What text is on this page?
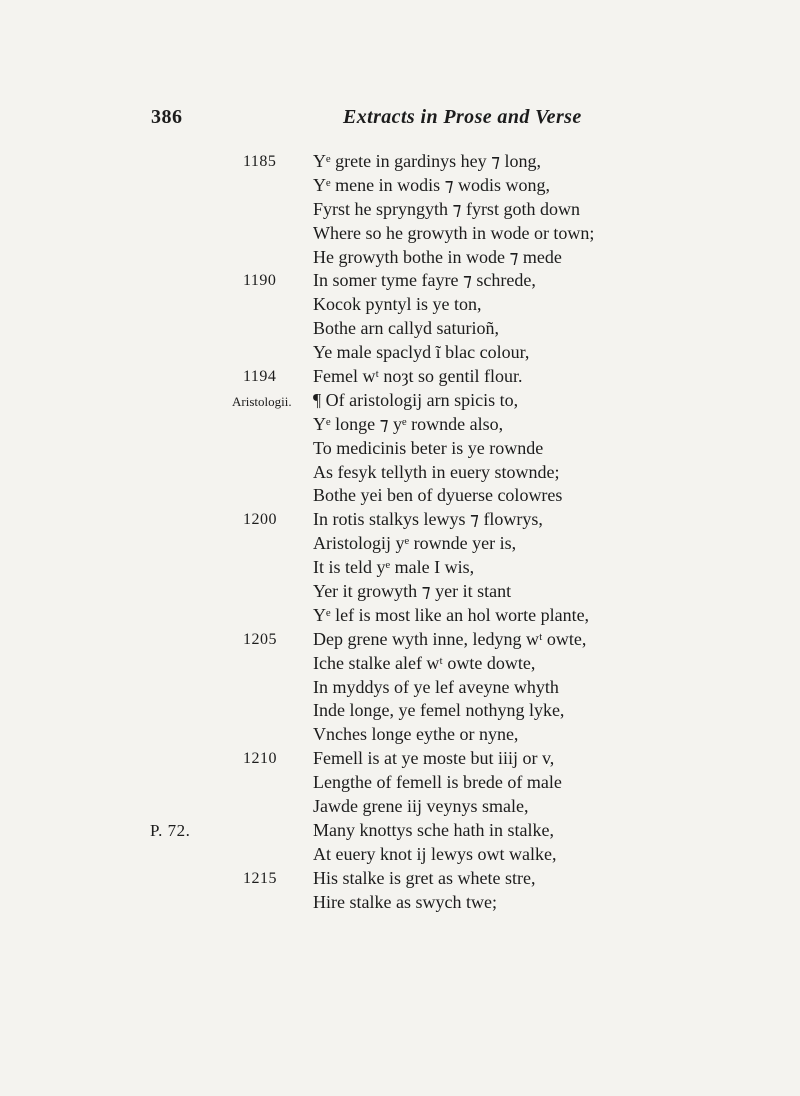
386	Extracts in Prose and Verse
1185 Yᵉ grete in gardinys hey ⁊ long,
Yᵉ mene in wodis ⁊ wodis wong,
Fyrst he spryngyth ⁊ fyrst goth down
Where so he growyth in wode or town;
He growyth bothe in wode ⁊ mede
1190 In somer tyme fayre ⁊ schrede,
Kocok pyntyl is ye ton,
Bothe arn callyd saturioñ,
Ye male spaclyd ĩ blac colour,
1194 Femel wᵗ noȝt so gentil flour.
Aristologii. ¶ Of aristologij arn spicis to,
Yᵉ longe ⁊ yᵉ rownde also,
To medicinis beter is ye rownde
As fesyk tellyth in euery stownde;
Bothe yei ben of dyuerse colowres
1200 In rotis stalkys lewys ⁊ flowrys,
Aristologij yᵉ rownde yer is,
It is teld yᵉ male I wis,
Yer it growyth ⁊ yer it stant
Yᵉ lef is most like an hol worte plante,
1205 Dep grene wyth inne, ledyng wᵗ owte,
Iche stalke alef wᵗ owte dowte,
In myddys of ye lef aveyne whyth
Inde longe, ye femel nothyng lyke,
Vnches longe eythe or nyne,
1210 Femell is at ye moste but iiij or v,
Lengthe of femell is brede of male
Jawde grene iij veynys smale,
P. 72.	Many knottys sche hath in stalke,
At euery knot ij lewys owt walke,
1215 His stalke is gret as whete stre,
Hire stalke as swych twe;
